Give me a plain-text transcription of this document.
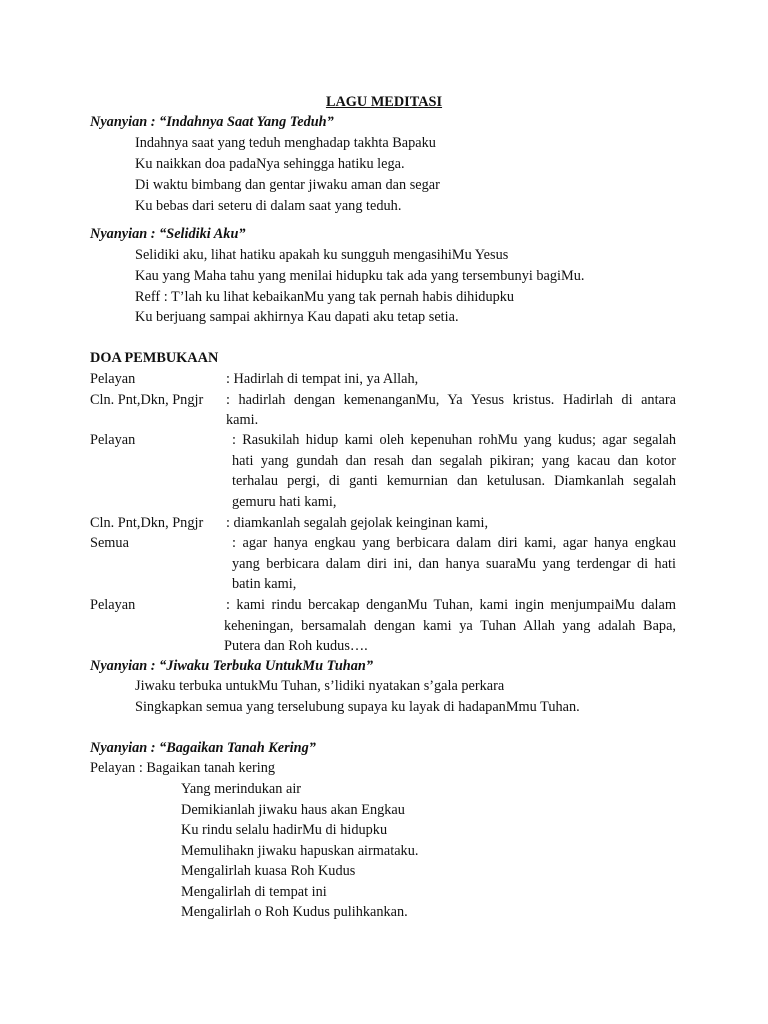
LAGU MEDITASI
Nyanyian : “Indahnya Saat Yang Teduh”
Indahnya saat yang teduh menghadap takhta Bapaku
Ku naikkan doa padaNya sehingga hatiku lega.
Di waktu bimbang dan gentar jiwaku aman dan segar
Ku bebas dari seteru di dalam saat yang teduh.
Nyanyian : “Selidiki Aku”
Selidiki aku, lihat hatiku apakah ku sungguh mengasihiMu Yesus
Kau yang Maha tahu yang menilai hidupku tak ada yang tersembunyi bagiMu.
Reff : T’lah ku lihat kebaikanMu yang tak pernah habis dihidupku
Ku berjuang sampai akhirnya Kau dapati aku tetap setia.
DOA PEMBUKAAN
Pelayan	: Hadirlah di tempat ini, ya Allah,
Cln. Pnt,Dkn, Pngjr : hadirlah dengan kemenanganMu, Ya Yesus kristus. Hadirlah di antara
kami.
Pelayan	: Rasukilah hidup kami oleh kepenuhan rohMu yang kudus; agar segalah
hati yang gundah dan resah dan segalah pikiran; yang kacau dan kotor
terhalau pergi, di ganti kemurnian dan ketulusan. Diamkanlah segalah
gemuru hati kami,
Cln. Pnt,Dkn, Pngjr : diamkanlah segalah gejolak keinginan kami,
Semua	: agar hanya engkau yang berbicara dalam diri kami, agar hanya engkau
yang berbicara dalam diri ini, dan hanya suaraMu yang terdengar di hati
batin kami,
Pelayan	: kami rindu bercakap denganMu Tuhan, kami ingin menjumpaiMu dalam
keheningan, bersamalah dengan kami ya Tuhan Allah yang adalah Bapa,
Putera dan Roh kudus….
Nyanyian : “Jiwaku Terbuka UntukMu Tuhan”
Jiwaku terbuka untukMu Tuhan, s’lidiki nyatakan s’gala perkara
Singkapkan semua yang terselubung supaya ku layak di hadapanMmu Tuhan.
Nyanyian : “Bagaikan Tanah Kering”
Pelayan : Bagaikan tanah kering
Yang merindukan air
Demikianlah jiwaku haus akan Engkau
Ku rindu selalu hadirMu di hidupku
Memulihakn jiwaku hapuskan airmataku.
Mengalirlah kuasa Roh Kudus
Mengalirlah di tempat ini
Mengalirlah o Roh Kudus pulihkankan.
